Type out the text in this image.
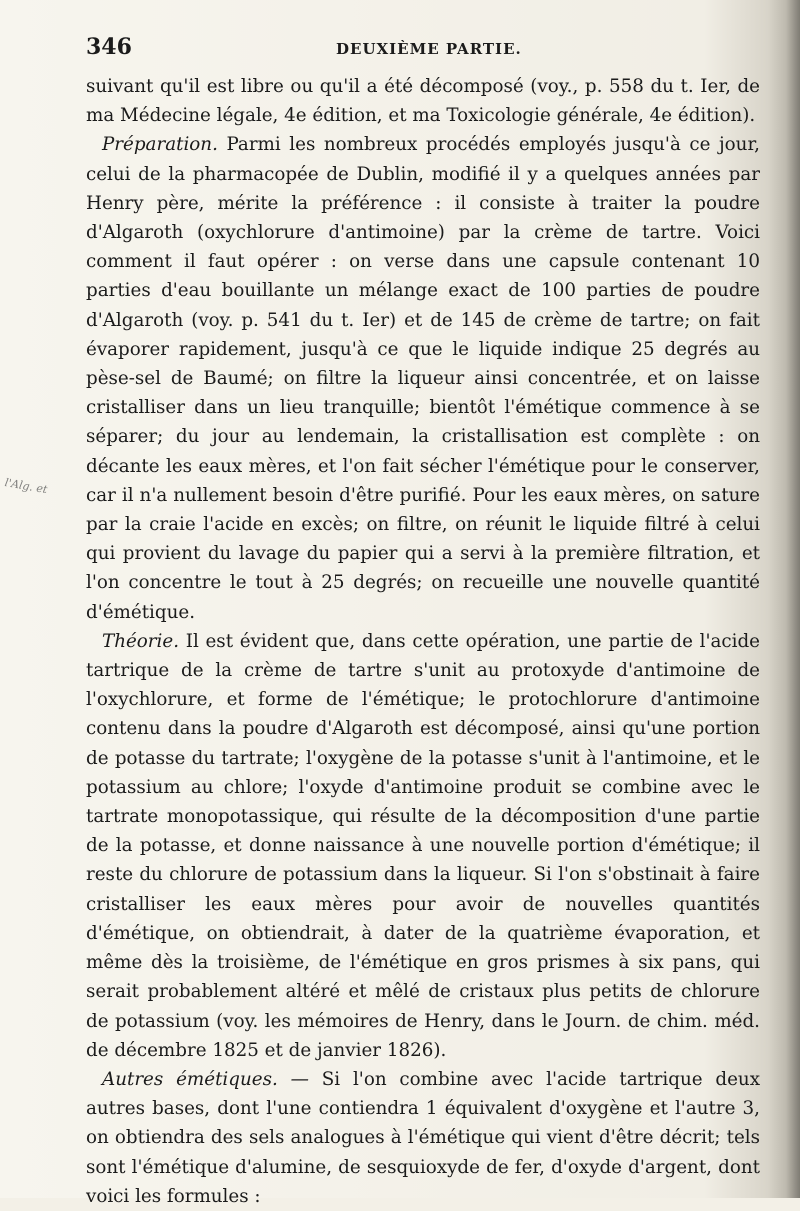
346	DEUXIÈME PARTIE.
l'Alg. et

suivant qu'il est libre ou qu'il a été décomposé (voy., p. 558 du t. Ier, de ma Médecine légale, 4e édition, et ma Toxicologie générale, 4e édition).

Préparation. Parmi les nombreux procédés employés jusqu'à ce jour, celui de la pharmacopée de Dublin, modifié il y a quelques années par Henry père, mérite la préférence : il consiste à traiter la poudre d'Algaroth (oxychlorure d'antimoine) par la crème de tartre. Voici comment il faut opérer : on verse dans une capsule contenant 10 parties d'eau bouillante un mélange exact de 100 parties de poudre d'Algaroth (voy. p. 541 du t. Ier) et de 145 de crème de tartre; on fait évaporer rapidement, jusqu'à ce que le liquide indique 25 degrés au pèse-sel de Baumé; on filtre la liqueur ainsi concentrée, et on laisse cristalliser dans un lieu tranquille; bientôt l'émétique commence à se séparer; du jour au lendemain, la cristallisation est complète : on décante les eaux mères, et l'on fait sécher l'émétique pour le conserver, car il n'a nullement besoin d'être purifié. Pour les eaux mères, on sature par la craie l'acide en excès; on filtre, on réunit le liquide filtré à celui qui provient du lavage du papier qui a servi à la première filtration, et l'on concentre le tout à 25 degrés; on recueille une nouvelle quantité d'émétique.

Théorie. Il est évident que, dans cette opération, une partie de l'acide tartrique de la crème de tartre s'unit au protoxyde d'antimoine de l'oxychlorure, et forme de l'émétique; le protochlorure d'antimoine contenu dans la poudre d'Algaroth est décomposé, ainsi qu'une portion de potasse du tartrate; l'oxygène de la potasse s'unit à l'antimoine, et le potassium au chlore; l'oxyde d'antimoine produit se combine avec le tartrate monopotassique, qui résulte de la décomposition d'une partie de la potasse, et donne naissance à une nouvelle portion d'émétique; il reste du chlorure de potassium dans la liqueur. Si l'on s'obstinait à faire cristalliser les eaux mères pour avoir de nouvelles quantités d'émétique, on obtiendrait, à dater de la quatrième évaporation, et même dès la troisième, de l'émétique en gros prismes à six pans, qui serait probablement altéré et mêlé de cristaux plus petits de chlorure de potassium (voy. les mémoires de Henry, dans le Journ. de chim. méd. de décembre 1825 et de janvier 1826).

Autres émétiques. — Si l'on combine avec l'acide tartrique deux autres bases, dont l'une contiendra 1 équivalent d'oxygène et l'autre 3, on obtiendra des sels analogues à l'émétique qui vient d'être décrit; tels sont l'émétique d'alumine, de sesquioxyde de fer, d'oxyde d'argent, dont voici les formules :
